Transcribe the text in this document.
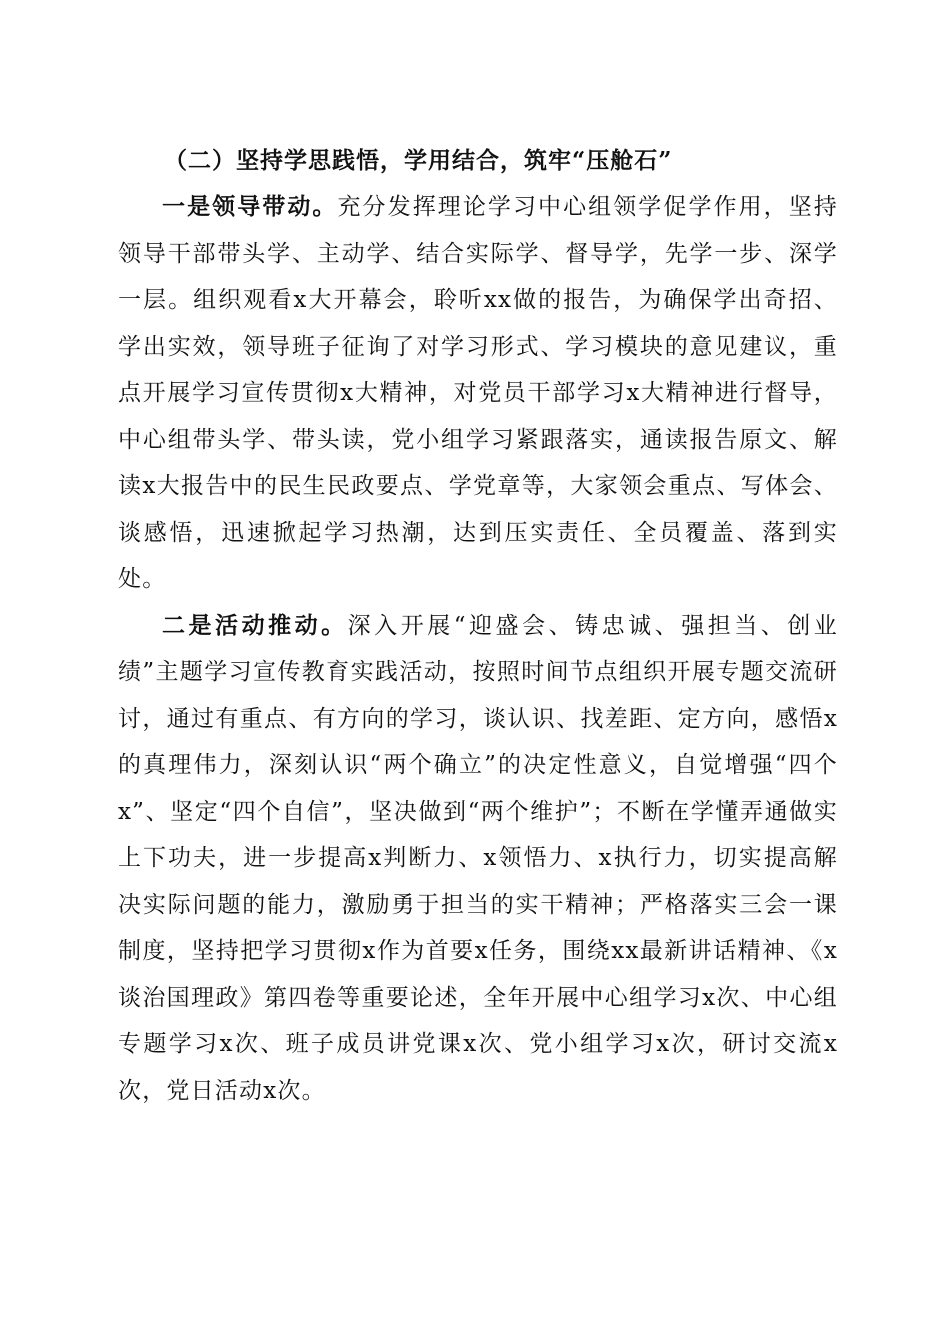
（二）坚持学思践悟，学用结合，筑牢“压舱石”

一是领导带动。充分发挥理论学习中心组领学促学作用，坚持领导干部带头学、主动学、结合实际学、督导学，先学一步、深学一层。组织观看x大开幕会，聆听xx做的报告，为确保学出奇招、学出实效，领导班子征询了对学习形式、学习模块的意见建议，重点开展学习宣传贯彻x大精神，对党员干部学习x大精神进行督导，中心组带头学、带头读，党小组学习紧跟落实，通读报告原文、解读x大报告中的民生民政要点、学党章等，大家领会重点、写体会、谈感悟，迅速掀起学习热潮，达到压实责任、全员覆盖、落到实处。

二是活动推动。深入开展“迎盛会、铸忠诚、强担当、创业绩”主题学习宣传教育实践活动，按照时间节点组织开展专题交流研讨，通过有重点、有方向的学习，谈认识、找差距、定方向，感悟x的真理伟力，深刻认识“两个确立”的决定性意义，自觉增强“四个x”、坚定“四个自信”，坚决做到“两个维护”；不断在学懂弄通做实上下功夫，进一步提高x判断力、x领悟力、x执行力，切实提高解决实际问题的能力，激励勇于担当的实干精神；严格落实三会一课制度，坚持把学习贯彻x作为首要x任务，围绕xx最新讲话精神、《x谈治国理政》第四卷等重要论述，全年开展中心组学习x次、中心组专题学习x次、班子成员讲党课x次、党小组学习x次，研讨交流x次，党日活动x次。
